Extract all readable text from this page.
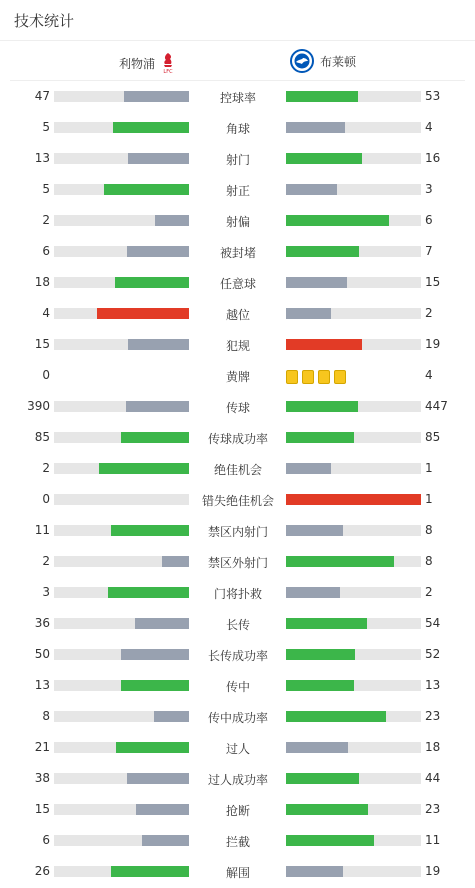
技术统计
利物浦
LFC
布莱顿
47	控球率	53
5	角球	4
13	射门	16
5	射正	3
2	射偏	6
6	被封堵	7
18	任意球	15
4	越位	2
15	犯规	19
0	黄牌	4
390	传球	447
85	传球成功率	85
2	绝佳机会	1
0	错失绝佳机会	1
11	禁区内射门	8
2	禁区外射门	8
3	门将扑救	2
36	长传	54
50	长传成功率	52
13	传中	13
8	传中成功率	23
21	过人	18
38	过人成功率	44
15	抢断	23
6	拦截	11
26	解围	19
